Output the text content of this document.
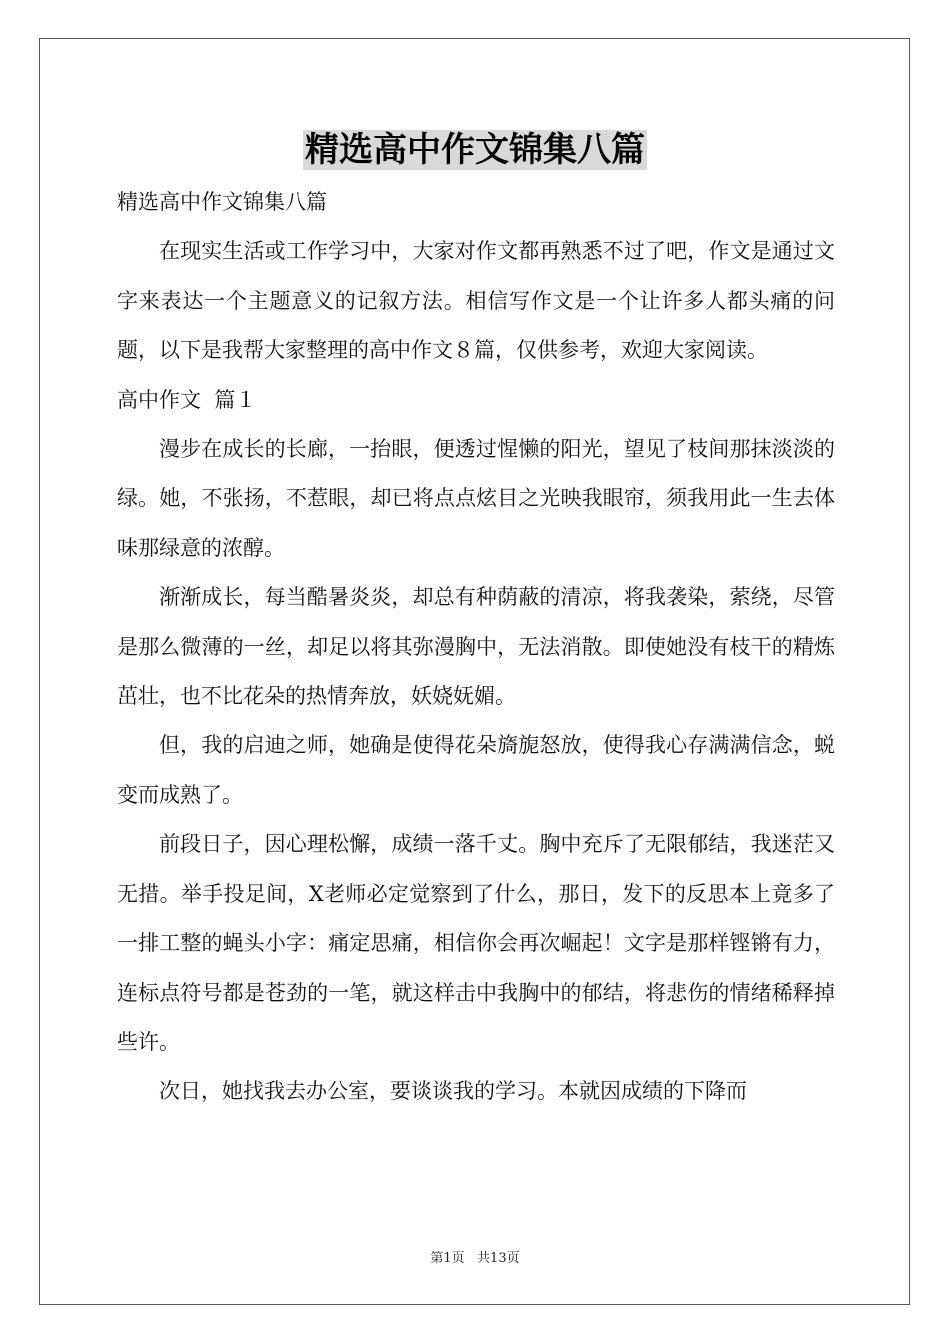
精选高中作文锦集八篇

精选高中作文锦集八篇

在现实生活或工作学习中，大家对作文都再熟悉不过了吧，作文是通过文字来表达一个主题意义的记叙方法。相信写作文是一个让许多人都头痛的问题，以下是我帮大家整理的高中作文８篇，仅供参考，欢迎大家阅读。

高中作文  篇１

漫步在成长的长廊，一抬眼，便透过惺懒的阳光，望见了枝间那抹淡淡的绿。她，不张扬，不惹眼，却已将点点炫目之光映我眼帘，须我用此一生去体味那绿意的浓醇。

渐渐成长，每当酷暑炎炎，却总有种荫蔽的清凉，将我袭染，萦绕，尽管是那么微薄的一丝，却足以将其弥漫胸中，无法消散。即使她没有枝干的精炼茁壮，也不比花朵的热情奔放，妖娆妩媚。

但，我的启迪之师，她确是使得花朵旖旎怒放，使得我心存满满信念，蜕变而成熟了。

前段日子，因心理松懈，成绩一落千丈。胸中充斥了无限郁结，我迷茫又无措。举手投足间，X老师必定觉察到了什么，那日，发下的反思本上竟多了一排工整的蝇头小字：痛定思痛，相信你会再次崛起！文字是那样铿锵有力，连标点符号都是苍劲的一笔，就这样击中我胸中的郁结，将悲伤的情绪稀释掉些许。

次日，她找我去办公室，要谈谈我的学习。本就因成绩的下降而

第1页   共13页
